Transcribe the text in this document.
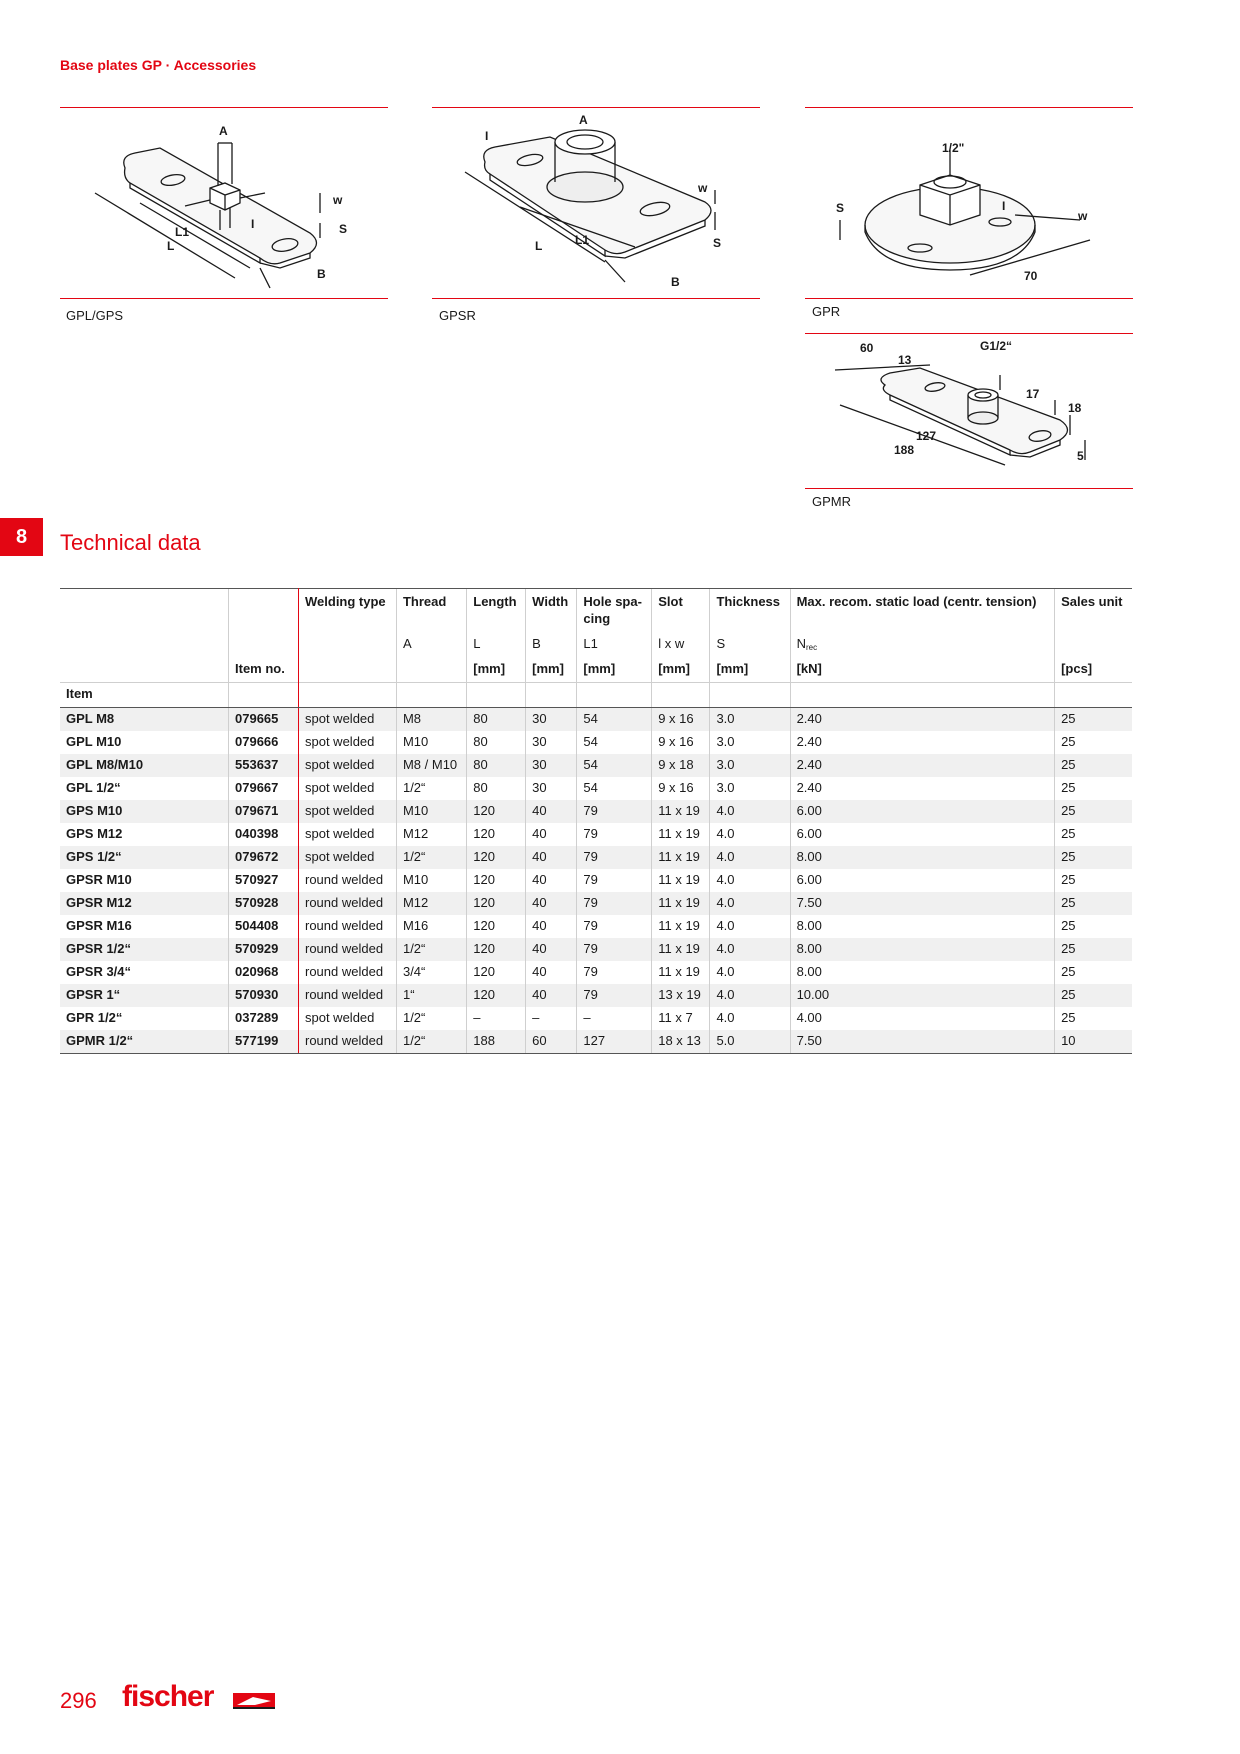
Base plates GP · Accessories
A
L1
L
I
w
S
B
GPL/GPS
A
I
L	L1
w
S
B
GPSR
1/2"
S	I
w
70
GPR
60	G1/2“
13
17
18
127
188	5
GPMR
8	Technical data
		Welding type	Thread	Length	Width	Hole spa-
cing	Slot	Thickness	Max. recom. static load (centr. tension)	Sales unit
			A	L	B	L1	l x w	S	$N_{rec}$	
	Item no.			[mm]	[mm]	[mm]	[mm]	[mm]	[kN]	[pcs]
Item										
GPL M8	079665	spot welded	M8	80	30	54	9 x 16	3.0	2.40	25
GPL M10	079666	spot welded	M10	80	30	54	9 x 16	3.0	2.40	25
GPL M8/M10	553637	spot welded	M8 / M10	80	30	54	9 x 18	3.0	2.40	25
GPL 1/2“	079667	spot welded	1/2“	80	30	54	9 x 16	3.0	2.40	25
GPS M10	079671	spot welded	M10	120	40	79	11 x 19	4.0	6.00	25
GPS M12	040398	spot welded	M12	120	40	79	11 x 19	4.0	6.00	25
GPS 1/2“	079672	spot welded	1/2“	120	40	79	11 x 19	4.0	8.00	25
GPSR M10	570927	round welded	M10	120	40	79	11 x 19	4.0	6.00	25
GPSR M12	570928	round welded	M12	120	40	79	11 x 19	4.0	7.50	25
GPSR M16	504408	round welded	M16	120	40	79	11 x 19	4.0	8.00	25
GPSR 1/2“	570929	round welded	1/2“	120	40	79	11 x 19	4.0	8.00	25
GPSR 3/4“	020968	round welded	3/4“	120	40	79	11 x 19	4.0	8.00	25
GPSR 1“	570930	round welded	1“	120	40	79	13 x 19	4.0	10.00	25
GPR 1/2“	037289	spot welded	1/2“	–	–	–	11 x 7	4.0	4.00	25
GPMR 1/2“	577199	round welded	1/2“	188	60	127	18 x 13	5.0	7.50	10
296 fischer
